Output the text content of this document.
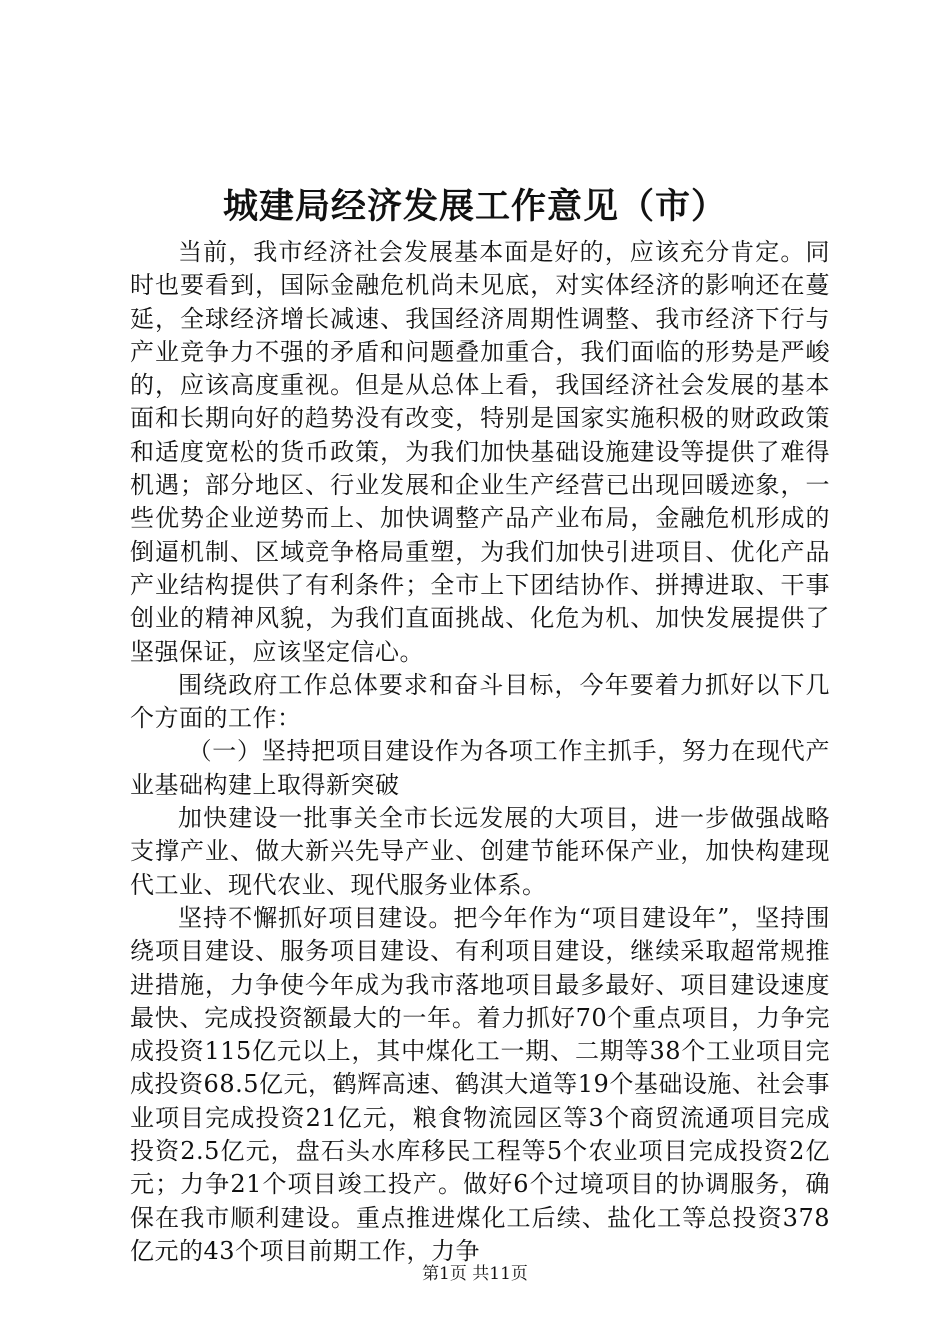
城建局经济发展工作意见（市）

当前，我市经济社会发展基本面是好的，应该充分肯定。同时也要看到，国际金融危机尚未见底，对实体经济的影响还在蔓延，全球经济增长减速、我国经济周期性调整、我市经济下行与产业竞争力不强的矛盾和问题叠加重合，我们面临的形势是严峻的，应该高度重视。但是从总体上看，我国经济社会发展的基本面和长期向好的趋势没有改变，特别是国家实施积极的财政政策和适度宽松的货币政策，为我们加快基础设施建设等提供了难得机遇；部分地区、行业发展和企业生产经营已出现回暖迹象，一些优势企业逆势而上、加快调整产品产业布局，金融危机形成的倒逼机制、区域竞争格局重塑，为我们加快引进项目、优化产品产业结构提供了有利条件；全市上下团结协作、拼搏进取、干事创业的精神风貌，为我们直面挑战、化危为机、加快发展提供了坚强保证，应该坚定信心。

围绕政府工作总体要求和奋斗目标，今年要着力抓好以下几个方面的工作：

（一）坚持把项目建设作为各项工作主抓手，努力在现代产业基础构建上取得新突破

加快建设一批事关全市长远发展的大项目，进一步做强战略支撑产业、做大新兴先导产业、创建节能环保产业，加快构建现代工业、现代农业、现代服务业体系。

坚持不懈抓好项目建设。把今年作为“项目建设年”，坚持围绕项目建设、服务项目建设、有利项目建设，继续采取超常规推进措施，力争使今年成为我市落地项目最多最好、项目建设速度最快、完成投资额最大的一年。着力抓好70个重点项目，力争完成投资115亿元以上，其中煤化工一期、二期等38个工业项目完成投资68.5亿元，鹤辉高速、鹤淇大道等19个基础设施、社会事业项目完成投资21亿元，粮食物流园区等3个商贸流通项目完成投资2.5亿元，盘石头水库移民工程等5个农业项目完成投资2亿元；力争21个项目竣工投产。做好6个过境项目的协调服务，确保在我市顺利建设。重点推进煤化工后续、盐化工等总投资378亿元的43个项目前期工作，力争

第1页 共11页
